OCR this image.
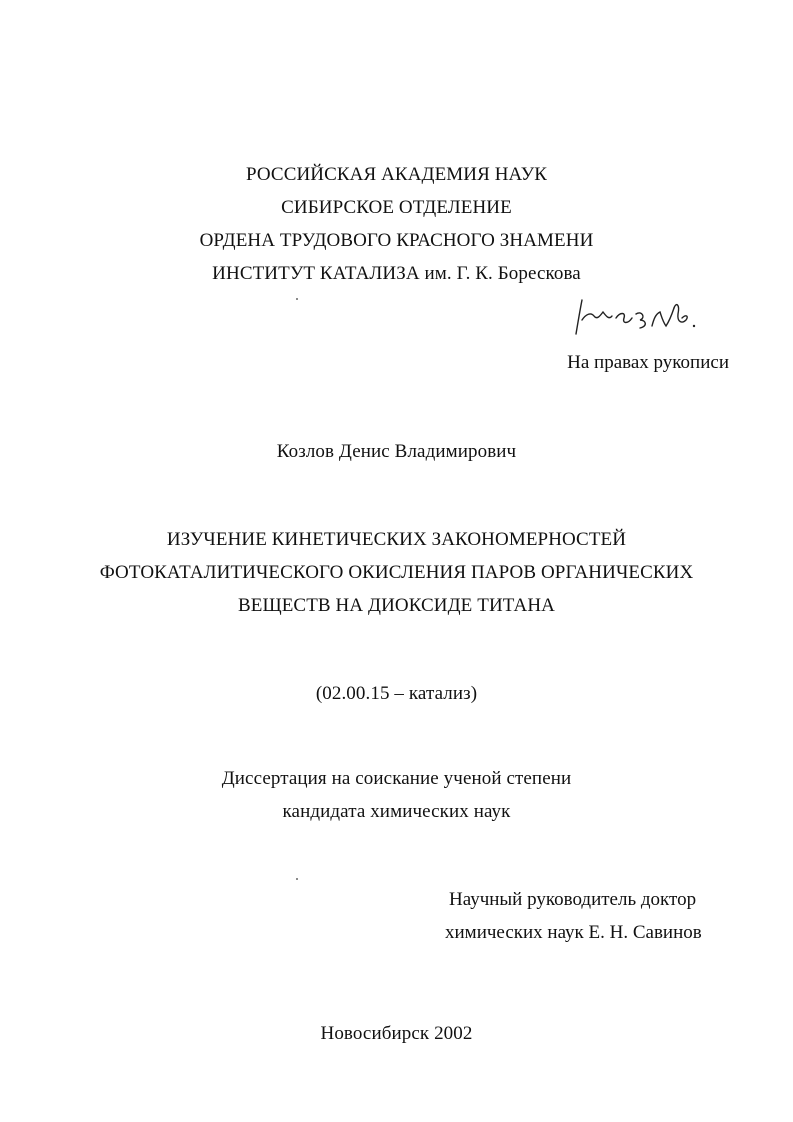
РОССИЙСКАЯ АКАДЕМИЯ НАУК
СИБИРСКОЕ ОТДЕЛЕНИЕ
ОРДЕНА ТРУДОВОГО КРАСНОГО ЗНАМЕНИ
ИНСТИТУТ КАТАЛИЗА им. Г. К. Борескова
На правах рукописи
Козлов Денис Владимирович
ИЗУЧЕНИЕ КИНЕТИЧЕСКИХ ЗАКОНОМЕРНОСТЕЙ
ФОТОКАТАЛИТИЧЕСКОГО ОКИСЛЕНИЯ ПАРОВ ОРГАНИЧЕСКИХ
ВЕЩЕСТВ НА ДИОКСИДЕ ТИТАНА
(02.00.15 – катализ)
Диссертация на соискание ученой степени
кандидата химических наук
Научный руководитель доктор
химических наук Е. Н. Савинов
Новосибирск 2002
